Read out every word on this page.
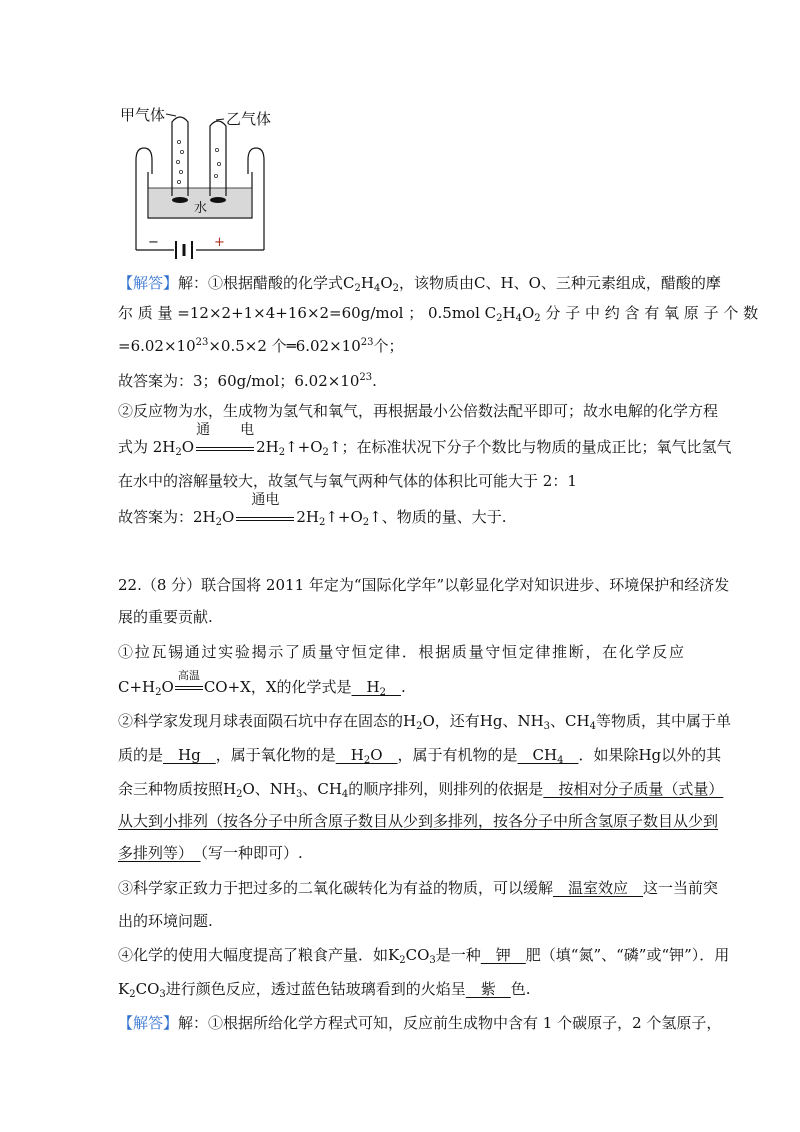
甲气体	乙气体
水
−	+
【解答】解：①根据醋酸的化学式$C_2H_4O_2$，该物质由C、H、O、三种元素组成，醋酸的摩
尔 质 量 =12×2+1×4+16×2=60g/mol ； 0.5mol $C_2H_4O_2$ 分 子 中 约 含 有 氧 原 子 个 数
$=6.02\times 10^{23}\times 0.5\times 2$ 个$═6.02\times 10^{23}$个；
故答案为：3；60g/mol；$6.02\times 10^{23}$.
②反应物为水，生成物为氢气和氧气，再根据最小公倍数法配平即可；故水电解的化学方程
式为 $2H_2O$
通电
$2H_2↑+O_2↑$；在标准状况下分子个数比与物质的量成正比；氧气比氢气
在水中的溶解量较大，故氢气与氧气两种气体的体积比可能大于 2：1
故答案为：$2H_2O$
通电
$2H_2↑+O_2↑$、物质的量、大于.
22.（8 分）联合国将 2011 年定为“国际化学年”以彰显化学对知识进步、环境保护和经济发
展的重要贡献.
①拉瓦锡通过实验揭示了质量守恒定律．根据质量守恒定律推断，在化学反应
$C+H_2O$
高温
CO+X，X的化学式是　$H_2$　 .
②科学家发现月球表面陨石坑中存在固态的$H_2O$，还有Hg、$NH_3$、$CH_4$等物质，其中属于单
质的是　Hg　，属于氧化物的是　$H_2O$　，属于有机物的是　$CH_4$　 ．如果除Hg以外的其
余三种物质按照$H_2O$、$NH_3$、$CH_4$的顺序排列，则排列的依据是　按相对分子质量（式量）
从大到小排列（按各分子中所含原子数目从少到多排列，按各分子中所含氢原子数目从少到
多排列等）　（写一种即可）.
③科学家正致力于把过多的二氧化碳转化为有益的物质，可以缓解　温室效应　这一当前突
出的环境问题.
④化学的使用大幅度提高了粮食产量．如$K_2CO_3$是一种　钾　肥（填“氮”、“磷”或“钾”）．用
$K_2CO_3$进行颜色反应，透过蓝色钴玻璃看到的火焰呈　紫　色.
【解答】解：①根据所给化学方程式可知，反应前生成物中含有 1 个碳原子，2 个氢原子，
